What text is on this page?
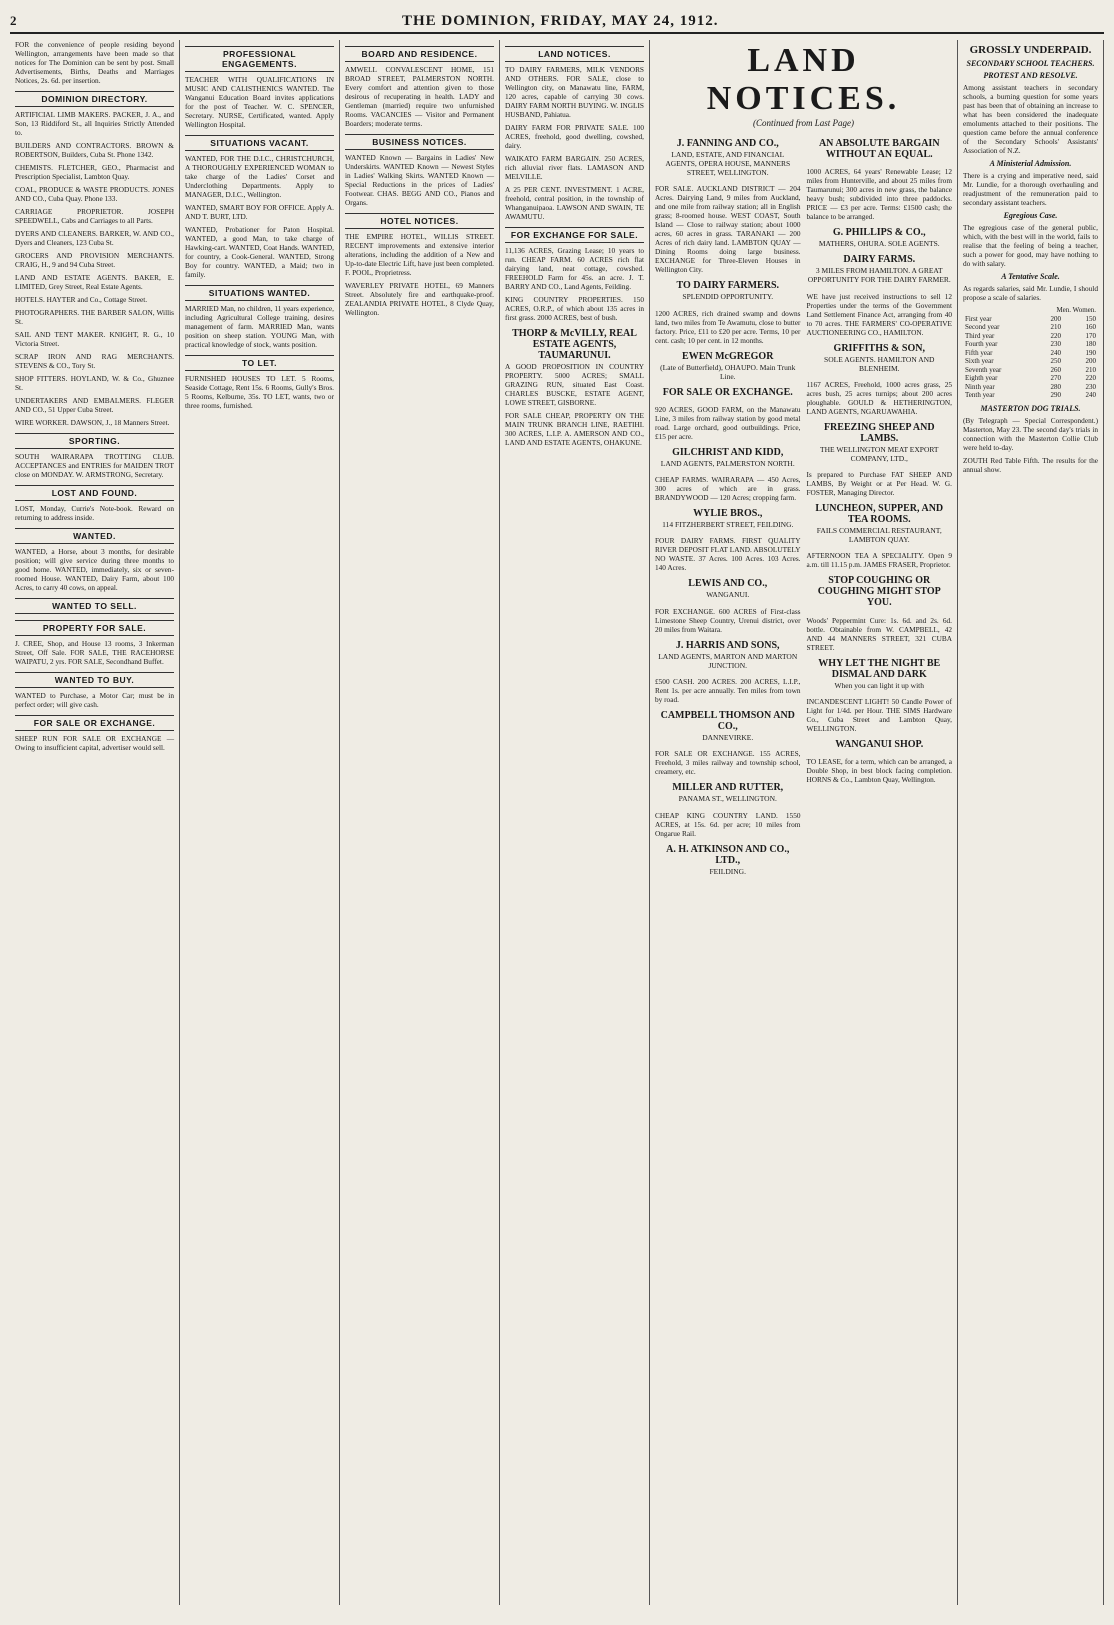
2	THE DOMINION, FRIDAY, MAY 24, 1912.

FOR the convenience of people residing beyond Wellington, arrangements have been made so that notices for The Dominion can be sent by post. Small Advertisements, Births, Deaths and Marriages Notices, 2s. 6d. per insertion.

DOMINION DIRECTORY.

ARTIFICIAL LIMB MAKERS. PACKER, J. A., and Son, 13 Riddiford St., all Inquiries Strictly Attended to.

BUILDERS AND CONTRACTORS. BROWN & ROBERTSON, Builders, Cuba St. Phone 1342.

CHEMISTS. FLETCHER, GEO., Pharmacist and Prescription Specialist, Lambton Quay.

COAL, PRODUCE & WASTE PRODUCTS. JONES AND CO., Cuba Quay. Phone 133.

CARRIAGE PROPRIETOR. JOSEPH SPEEDWELL, Cabs and Carriages to all Parts.

DYERS AND CLEANERS. BARKER, W. AND CO., Dyers and Cleaners, 123 Cuba St.

GROCERS AND PROVISION MERCHANTS. CRAIG, H., 9 and 94 Cuba Street.

LAND AND ESTATE AGENTS. BAKER, E. LIMITED, Grey Street, Real Estate Agents.

HOTELS. HAYTER and Co., Cottage Street.

PHOTOGRAPHERS. THE BARBER SALON, Willis St.

SAIL AND TENT MAKER. KNIGHT, R. G., 10 Victoria Street.

SCRAP IRON AND RAG MERCHANTS. STEVENS & CO., Tory St.

SHOP FITTERS. HOYLAND, W. & Co., Ghuznee St.

UNDERTAKERS AND EMBALMERS. FLEGER AND CO., 51 Upper Cuba Street.

WIRE WORKER. DAWSON, J., 18 Manners Street.

SPORTING.

SOUTH WAIRARAPA TROTTING CLUB. ACCEPTANCES and ENTRIES for MAIDEN TROT close on MONDAY. W. ARMSTRONG, Secretary.

LOST AND FOUND.

LOST, Monday, Currie's Note-book. Reward on returning to address inside.

WANTED.

WANTED, a Horse, about 3 months, for desirable position; will give service during three months to good home. WANTED, immediately, six or seven-roomed House. WANTED, Dairy Farm, about 100 Acres, to carry 40 cows, on appeal.

WANTED TO SELL.
PROPERTY FOR SALE.

J. CREE, Shop, and House 13 rooms, 3 Inkerman Street, Off Sale. FOR SALE, THE RACEHORSE WAIPATU, 2 yrs. FOR SALE, Secondhand Buffet.

WANTED TO BUY.

WANTED to Purchase, a Motor Car; must be in perfect order; will give cash.

FOR SALE OR EXCHANGE.

SHEEP RUN FOR SALE OR EXCHANGE — Owing to insufficient capital, advertiser would sell.

PROFESSIONAL ENGAGEMENTS.

TEACHER WITH QUALIFICATIONS IN MUSIC AND CALISTHENICS WANTED. The Wanganui Education Board invites applications for the post of Teacher. W. C. SPENCER, Secretary. NURSE, Certificated, wanted. Apply Wellington Hospital.

SITUATIONS VACANT.

WANTED, FOR THE D.I.C., CHRISTCHURCH, A THOROUGHLY EXPERIENCED WOMAN to take charge of the Ladies' Corset and Underclothing Departments. Apply to MANAGER, D.I.C., Wellington.

WANTED, SMART BOY FOR OFFICE. Apply A. AND T. BURT, LTD.

WANTED, Probationer for Paton Hospital. WANTED, a good Man, to take charge of Hawking-cart. WANTED, Coat Hands. WANTED, for country, a Cook-General. WANTED, Strong Boy for country. WANTED, a Maid; two in family.

SITUATIONS WANTED.

MARRIED Man, no children, 11 years experience, including Agricultural College training, desires management of farm. MARRIED Man, wants position on sheep station. YOUNG Man, with practical knowledge of stock, wants position.

TO LET.

FURNISHED HOUSES TO LET. 5 Rooms, Seaside Cottage, Rent 15s. 6 Rooms, Gully's Bros. 5 Rooms, Kelburne, 35s. TO LET, wants, two or three rooms, furnished.

BOARD AND RESIDENCE.

AMWELL CONVALESCENT HOME, 151 BROAD STREET, PALMERSTON NORTH. Every comfort and attention given to those desirous of recuperating in health. LADY and Gentleman (married) require two unfurnished Rooms. VACANCIES — Visitor and Permanent Boarders; moderate terms.

BUSINESS NOTICES.

WANTED Known — Bargains in Ladies' New Underskirts. WANTED Known — Newest Styles in Ladies' Walking Skirts. WANTED Known — Special Reductions in the prices of Ladies' Footwear. CHAS. BEGG AND CO., Pianos and Organs.

HOTEL NOTICES.

THE EMPIRE HOTEL, WILLIS STREET. RECENT improvements and extensive interior alterations, including the addition of a New and Up-to-date Electric Lift, have just been completed. F. POOL, Proprietress.

WAVERLEY PRIVATE HOTEL, 69 Manners Street. Absolutely fire and earthquake-proof. ZEALANDIA PRIVATE HOTEL, 8 Clyde Quay, Wellington.

LAND NOTICES.

TO DAIRY FARMERS, MILK VENDORS AND OTHERS. FOR SALE, close to Wellington city, on Manawatu line, FARM, 120 acres, capable of carrying 30 cows. DAIRY FARM NORTH BUYING. W. INGLIS HUSBAND, Pahiatua.

DAIRY FARM FOR PRIVATE SALE. 100 ACRES, freehold, good dwelling, cowshed, dairy.

WAIKATO FARM BARGAIN. 250 ACRES, rich alluvial river flats. LAMASON AND MELVILLE.

A 25 PER CENT. INVESTMENT. 1 ACRE, freehold, central position, in the township of Whanganuipaoa. LAWSON AND SWAIN, TE AWAMUTU.

FOR EXCHANGE FOR SALE.

11,136 ACRES, Grazing Lease; 10 years to run. CHEAP FARM. 60 ACRES rich flat dairying land, neat cottage, cowshed. FREEHOLD Farm for 45s. an acre. J. T. BARRY AND CO., Land Agents, Feilding.

KING COUNTRY PROPERTIES. 150 ACRES, O.R.P., of which about 135 acres in first grass. 2000 ACRES, best of bush.

THORP & McVILLY, REAL ESTATE AGENTS, TAUMARUNUI.

A GOOD PROPOSITION IN COUNTRY PROPERTY. 5000 ACRES; SMALL GRAZING RUN, situated East Coast. CHARLES BUSCKE, ESTATE AGENT, LOWE STREET, GISBORNE.

FOR SALE CHEAP, PROPERTY ON THE MAIN TRUNK BRANCH LINE, RAETIHI. 300 ACRES, L.I.P. A. AMERSON AND CO., LAND AND ESTATE AGENTS, OHAKUNE.

LAND NOTICES.
(Continued from Last Page)
J. FANNING AND CO.,
LAND, ESTATE, AND FINANCIAL AGENTS, OPERA HOUSE, MANNERS STREET, WELLINGTON.

FOR SALE. AUCKLAND DISTRICT — 204 Acres. Dairying Land, 9 miles from Auckland, and one mile from railway station; all in English grass; 8-roomed house. WEST COAST, South Island — Close to railway station; about 1000 acres, 60 acres in grass. TARANAKI — 200 Acres of rich dairy land. LAMBTON QUAY — Dining Rooms doing large business. EXCHANGE for Three-Eleven Houses in Wellington City.

TO DAIRY FARMERS.
SPLENDID OPPORTUNITY.

1200 ACRES, rich drained swamp and downs land, two miles from Te Awamutu, close to butter factory. Price, £11 to £20 per acre. Terms, 10 per cent. cash; 10 per cent. in 12 months.

EWEN McGREGOR
(Late of Butterfield), OHAUPO. Main Trunk Line.
FOR SALE OR EXCHANGE.

920 ACRES, GOOD FARM, on the Manawatu Line, 3 miles from railway station by good metal road. Large orchard, good outbuildings. Price, £15 per acre.

GILCHRIST AND KIDD,
LAND AGENTS, PALMERSTON NORTH.

CHEAP FARMS. WAIRARAPA — 450 Acres, 300 acres of which are in grass. BRANDYWOOD — 120 Acres; cropping farm.

WYLIE BROS.,
114 FITZHERBERT STREET, FEILDING.

FOUR DAIRY FARMS. FIRST QUALITY RIVER DEPOSIT FLAT LAND. ABSOLUTELY NO WASTE. 37 Acres. 100 Acres. 103 Acres. 140 Acres.

LEWIS AND CO.,
WANGANUI.

FOR EXCHANGE. 600 ACRES of First-class Limestone Sheep Country, Urenui district, over 20 miles from Waitara.

J. HARRIS AND SONS,
LAND AGENTS, MARTON AND MARTON JUNCTION.

£500 CASH. 200 ACRES. 200 ACRES, L.I.P., Rent 1s. per acre annually. Ten miles from town by road.

CAMPBELL THOMSON AND CO.,
DANNEVIRKE.

FOR SALE OR EXCHANGE. 155 ACRES, Freehold, 3 miles railway and township school, creamery, etc.

MILLER AND RUTTER,
PANAMA ST., WELLINGTON.

CHEAP KING COUNTRY LAND. 1550 ACRES, at 15s. 6d. per acre; 10 miles from Ongarue Rail.

A. H. ATKINSON AND CO., LTD.,
FEILDING.
AN ABSOLUTE BARGAIN WITHOUT AN EQUAL.

1000 ACRES, 64 years' Renewable Lease; 12 miles from Hunterville, and about 25 miles from Taumarunui; 300 acres in new grass, the balance heavy bush; subdivided into three paddocks. PRICE — £3 per acre. Terms: £1500 cash; the balance to be arranged.

G. PHILLIPS & CO.,
MATHERS, OHURA. SOLE AGENTS.
DAIRY FARMS.
3 MILES FROM HAMILTON. A GREAT OPPORTUNITY FOR THE DAIRY FARMER.

WE have just received instructions to sell 12 Properties under the terms of the Government Land Settlement Finance Act, arranging from 40 to 70 acres. THE FARMERS' CO-OPERATIVE AUCTIONEERING CO., HAMILTON.

GRIFFITHS & SON,
SOLE AGENTS. HAMILTON AND BLENHEIM.

1167 ACRES, Freehold, 1000 acres grass, 25 acres bush, 25 acres turnips; about 200 acres ploughable. GOULD & HETHERINGTON, LAND AGENTS, NGARUAWAHIA.

FREEZING SHEEP AND LAMBS.
THE WELLINGTON MEAT EXPORT COMPANY, LTD.,

Is prepared to Purchase FAT SHEEP AND LAMBS, By Weight or at Per Head. W. G. FOSTER, Managing Director.

LUNCHEON, SUPPER, AND TEA ROOMS.
FAILS COMMERCIAL RESTAURANT, LAMBTON QUAY.

AFTERNOON TEA A SPECIALITY. Open 9 a.m. till 11.15 p.m. JAMES FRASER, Proprietor.

STOP COUGHING OR COUGHING MIGHT STOP YOU.

Woods' Peppermint Cure: 1s. 6d. and 2s. 6d. bottle. Obtainable from W. CAMPBELL, 42 AND 44 MANNERS STREET, 321 CUBA STREET.

WHY LET THE NIGHT BE DISMAL AND DARK
When you can light it up with

INCANDESCENT LIGHT! 50 Candle Power of Light for 1/4d. per Hour. THE SIMS Hardware Co., Cuba Street and Lambton Quay, WELLINGTON.

WANGANUI SHOP.

TO LEASE, for a term, which can be arranged, a Double Shop, in best block facing completion. HORNS & Co., Lambton Quay, Wellington.

GROSSLY UNDERPAID.
SECONDARY SCHOOL TEACHERS.
PROTEST AND RESOLVE.

Among assistant teachers in secondary schools, a burning question for some years past has been that of obtaining an increase to what has been considered the inadequate emoluments attached to their positions. The question came before the annual conference of the Secondary Schools' Assistants' Association of N.Z.

A Ministerial Admission.

There is a crying and imperative need, said Mr. Lundie, for a thorough overhauling and readjustment of the remuneration paid to secondary assistant teachers.

Egregious Case.

The egregious case of the general public, which, with the best will in the world, fails to realise that the feeling of being a teacher, such a power for good, may have nothing to do with salary.

A Tentative Scale.

As regards salaries, said Mr. Lundie, I should propose a scale of salaries.

	Men. Women.	
First year	200	150
Second year	210	160
Third year	220	170
Fourth year	230	180
Fifth year	240	190
Sixth year	250	200
Seventh year	260	210
Eighth year	270	220
Ninth year	280	230
Tenth year	290	240
MASTERTON DOG TRIALS.

(By Telegraph — Special Correspondent.) Masterton, May 23. The second day's trials in connection with the Masterton Collie Club were held to-day.

ZOUTH Red Table Fifth. The results for the annual show.
